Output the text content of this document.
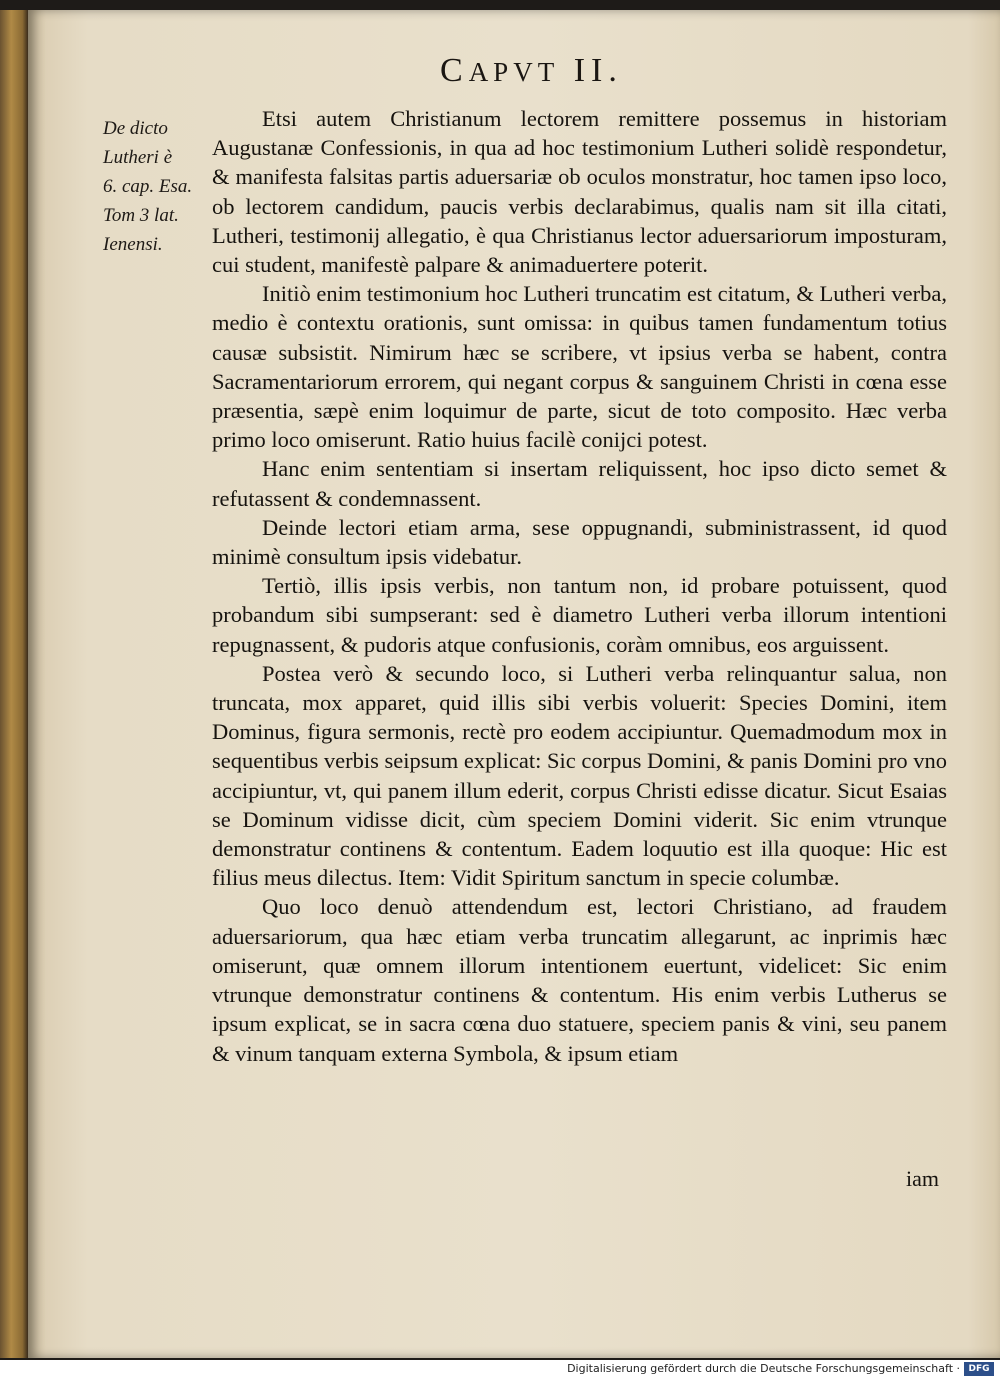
CAPVT II.
De dicto
Lutheri è
6. cap. Esa.
Tom 3 lat.
Ienensi.

Etsi autem Christianum lectorem remittere possemus in historiam Augustanæ Confessionis, in qua ad hoc testimonium Lutheri solidè respondetur, & manifesta falsitas partis aduersariæ ob oculos monstratur, hoc tamen ipso loco, ob lectorem candidum, paucis verbis declarabimus, qualis nam sit illa citati, Lutheri, testimonij allegatio, è qua Christianus lector aduersariorum imposturam, cui student, manifestè palpare & animaduertere poterit.

Initiò enim testimonium hoc Lutheri truncatim est citatum, & Lutheri verba, medio è contextu orationis, sunt omissa: in quibus tamen fundamentum totius causæ subsistit. Nimirum hæc se scribere, vt ipsius verba se habent, contra Sacramentariorum errorem, qui negant corpus & sanguinem Christi in cœna esse præsentia, sæpè enim loquimur de parte, sicut de toto composito. Hæc verba primo loco omiserunt. Ratio huius facilè conijci potest.

Hanc enim sententiam si insertam reliquissent, hoc ipso dicto semet & refutassent & condemnassent.

Deinde lectori etiam arma, sese oppugnandi, subministrassent, id quod minimè consultum ipsis videbatur.

Tertiò, illis ipsis verbis, non tantum non, id probare potuissent, quod probandum sibi sumpserant: sed è diametro Lutheri verba illorum intentioni repugnassent, & pudoris atque confusionis, coràm omnibus, eos arguissent.

Postea verò & secundo loco, si Lutheri verba relinquantur salua, non truncata, mox apparet, quid illis sibi verbis voluerit: Species Domini, item Dominus, figura sermonis, rectè pro eodem accipiuntur. Quemadmodum mox in sequentibus verbis seipsum explicat: Sic corpus Domini, & panis Domini pro vno accipiuntur, vt, qui panem illum ederit, corpus Christi edisse dicatur. Sicut Esaias se Dominum vidisse dicit, cùm speciem Domini viderit. Sic enim vtrunque demonstratur continens & contentum. Eadem loquutio est illa quoque: Hic est filius meus dilectus. Item: Vidit Spiritum sanctum in specie columbæ.

Quo loco denuò attendendum est, lectori Christiano, ad fraudem aduersariorum, qua hæc etiam verba truncatim allegarunt, ac inprimis hæc omiserunt, quæ omnem illorum intentionem euertunt, videlicet: Sic enim vtrunque demonstratur continens & contentum. His enim verbis Lutherus se ipsum explicat, se in sacra cœna duo statuere, speciem panis & vini, seu panem & vinum tanquam externa Symbola, & ipsum etiam

iam
Digitalisierung gefördert durch die Deutsche Forschungsgemeinschaft · DFG
